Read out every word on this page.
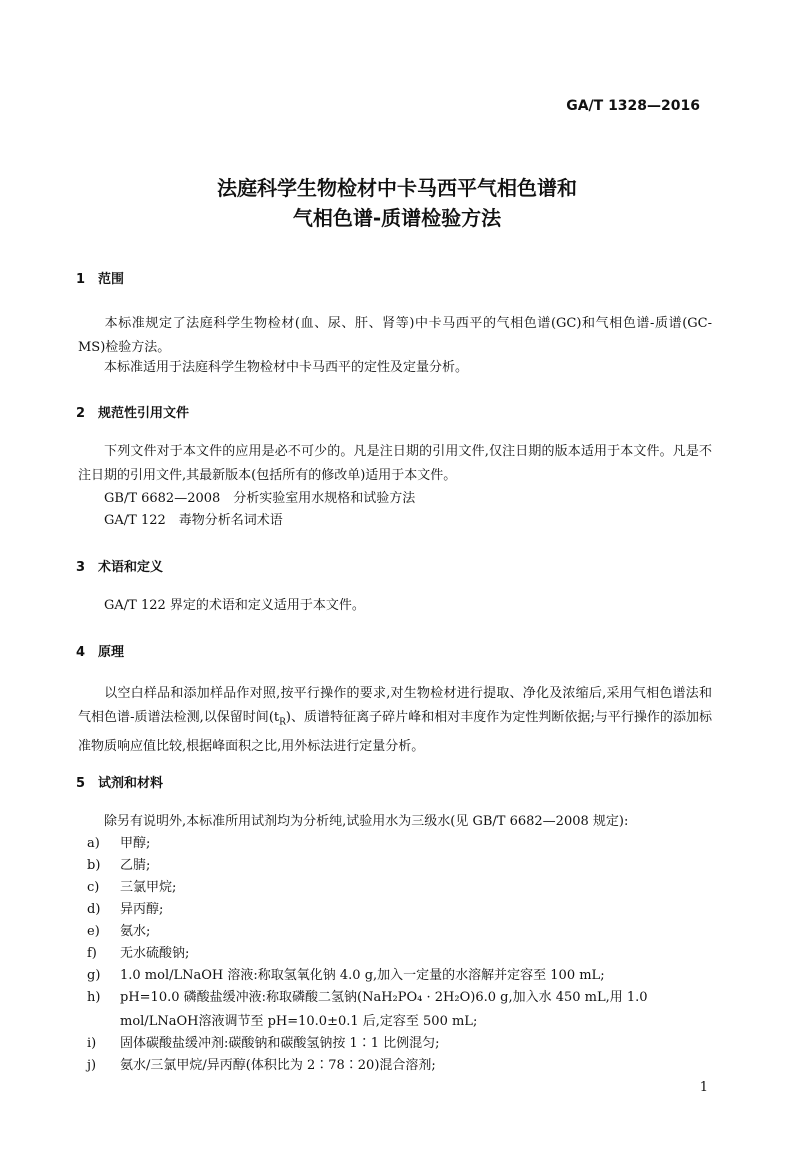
GA/T 1328—2016
法庭科学生物检材中卡马西平气相色谱和
气相色谱-质谱检验方法
1 范围
本标准规定了法庭科学生物检材(血、尿、肝、肾等)中卡马西平的气相色谱(GC)和气相色谱-质谱(GC-MS)检验方法。
本标准适用于法庭科学生物检材中卡马西平的定性及定量分析。
2 规范性引用文件
下列文件对于本文件的应用是必不可少的。凡是注日期的引用文件,仅注日期的版本适用于本文件。凡是不注日期的引用文件,其最新版本(包括所有的修改单)适用于本文件。
GB/T 6682—2008　分析实验室用水规格和试验方法
GA/T 122　毒物分析名词术语
3 术语和定义
GA/T 122 界定的术语和定义适用于本文件。
4 原理
以空白样品和添加样品作对照,按平行操作的要求,对生物检材进行提取、净化及浓缩后,采用气相色谱法和气相色谱-质谱法检测,以保留时间$(t_R)$、质谱特征离子碎片峰和相对丰度作为定性判断依据;与平行操作的添加标准物质响应值比较,根据峰面积之比,用外标法进行定量分析。
5 试剂和材料
除另有说明外,本标准所用试剂均为分析纯,试验用水为三级水(见 GB/T 6682—2008 规定):
a) 甲醇;
b) 乙腈;
c) 三氯甲烷;
d) 异丙醇;
e) 氨水;
f) 无水硫酸钠;
g) 1.0 mol/LNaOH 溶液:称取氢氧化钠 4.0 g,加入一定量的水溶解并定容至 100 mL;
h) pH=10.0 磷酸盐缓冲液:称取磷酸二氢钠(NaH₂PO₄ · 2H₂O)6.0 g,加入水 450 mL,用 1.0 mol/LNaOH溶液调节至 pH=10.0±0.1 后,定容至 500 mL;
i) 固体碳酸盐缓冲剂:碳酸钠和碳酸氢钠按 1∶1 比例混匀;
j) 氨水/三氯甲烷/异丙醇(体积比为 2∶78∶20)混合溶剂;
1
